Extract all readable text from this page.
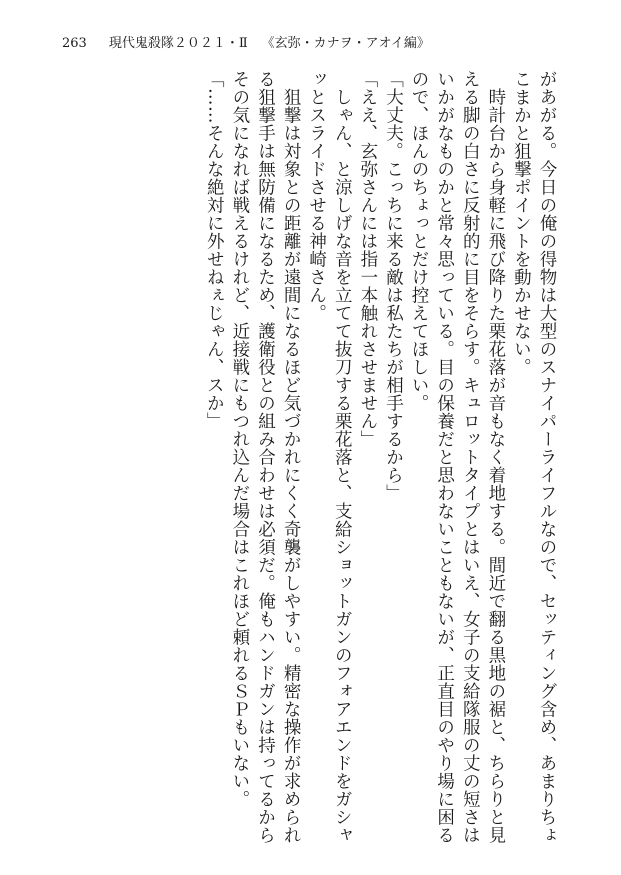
263 現代鬼殺隊２０２１・Ⅱ 《玄弥・カナヲ・アオイ編》

があがる。今日の俺の得物は大型のスナイパーライフルなので、セッティング含め、あまりちょこまかと狙撃ポイントを動かせない。

　時計台から身軽に飛び降りた栗花落が音もなく着地する。間近で翻る黒地の裾と、ちらりと見える脚の白さに反射的に目をそらす。キュロットタイプとはいえ、女子の支給隊服の丈の短さはいかがなものかと常々思っている。目の保養だと思わないこともないが、正直目のやり場に困るので、ほんのちょっとだけ控えてほしい。

「大丈夫。こっちに来る敵は私たちが相手するから」

「ええ、玄弥さんには指一本触れさせません」

　しゃん、と涼しげな音を立てて抜刀する栗花落と、支給ショットガンのフォアエンドをガシャッとスライドさせる神崎さん。

　狙撃は対象との距離が遠間になるほど気づかれにくく奇襲がしやすい。精密な操作が求められる狙撃手は無防備になるため、護衛役との組み合わせは必須だ。俺もハンドガンは持ってるからその気になれば戦えるけれど、近接戦にもつれ込んだ場合はこれほど頼れるＳＰもいない。

「……そんな絶対に外せねぇじゃん、スか」
